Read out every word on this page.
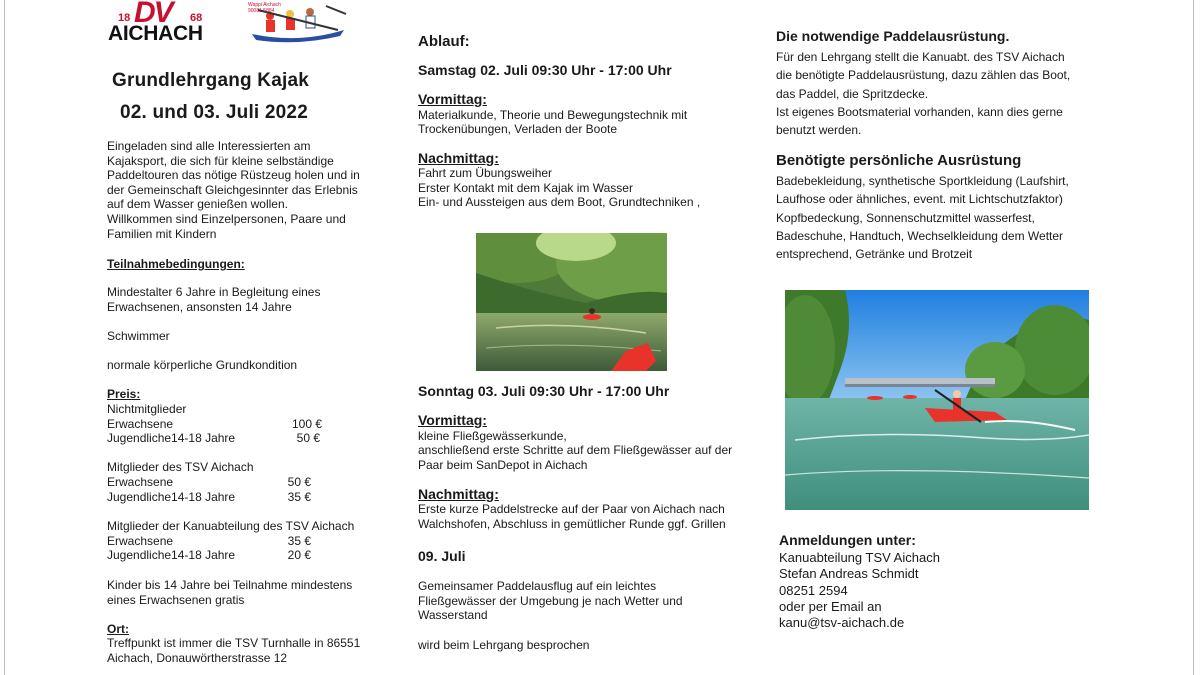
18 DV 68
AICHACH
Wappi Aichach
90081 5884
Grundlehrgang Kajak
02. und 03. Juli 2022
Eingeladen sind alle Interessierten am
Kajaksport, die sich für kleine selbständige
Paddeltouren das nötige Rüstzeug holen und in
der Gemeinschaft Gleichgesinnter das Erlebnis
auf dem Wasser genießen wollen.
Willkommen sind Einzelpersonen, Paare und
Familien mit Kindern
Teilnahmebedingungen:
Mindestalter 6 Jahre in Begleitung eines
Erwachsenen, ansonsten 14 Jahre
Schwimmer
normale körperliche Grundkondition
Preis:
Nichtmitglieder
Erwachsene	100 €
Jugendliche14-18 Jahre	50 €
Mitglieder des TSV Aichach
Erwachsene	50 €
Jugendliche14-18 Jahre	35 €
Mitglieder der Kanuabteilung des TSV Aichach
Erwachsene	35 €
Jugendliche14-18 Jahre	20 €
Kinder bis 14 Jahre bei Teilnahme mindestens
eines Erwachsenen gratis
Ort:
Treffpunkt ist immer die TSV Turnhalle in 86551
Aichach, Donauwörtherstrasse 12
Ablauf:
Samstag 02. Juli 09:30 Uhr - 17:00 Uhr
Vormittag:
Materialkunde, Theorie und Bewegungstechnik mit
Trockenübungen, Verladen der Boote
Nachmittag:
Fahrt zum Übungsweiher
Erster Kontakt mit dem Kajak im Wasser
Ein- und Aussteigen aus dem Boot, Grundtechniken ,
Sonntag 03. Juli 09:30 Uhr - 17:00 Uhr
Vormittag:
kleine Fließgewässerkunde,
anschließend erste Schritte auf dem Fließgewässer auf der
Paar beim SanDepot in Aichach
Nachmittag:
Erste kurze Paddelstrecke auf der Paar von Aichach nach
Walchshofen, Abschluss in gemütlicher Runde ggf. Grillen
09. Juli
Gemeinsamer Paddelausflug auf ein leichtes
Fließgewässer der Umgebung je nach Wetter und
Wasserstand
wird beim Lehrgang besprochen
Die notwendige Paddelausrüstung.
Für den Lehrgang stellt die Kanuabt. des TSV Aichach
die benötigte Paddelausrüstung, dazu zählen das Boot,
das Paddel, die Spritzdecke.
Ist eigenes Bootsmaterial vorhanden, kann dies gerne
benutzt werden.
Benötigte persönliche Ausrüstung
Badebekleidung, synthetische Sportkleidung (Laufshirt,
Laufhose oder ähnliches, event. mit Lichtschutzfaktor)
Kopfbedeckung, Sonnenschutzmittel wasserfest,
Badeschuhe, Handtuch, Wechselkleidung dem Wetter
entsprechend, Getränke und Brotzeit
Anmeldungen unter:
Kanuabteilung TSV Aichach
Stefan Andreas Schmidt
08251 2594
oder per Email an
kanu@tsv-aichach.de
